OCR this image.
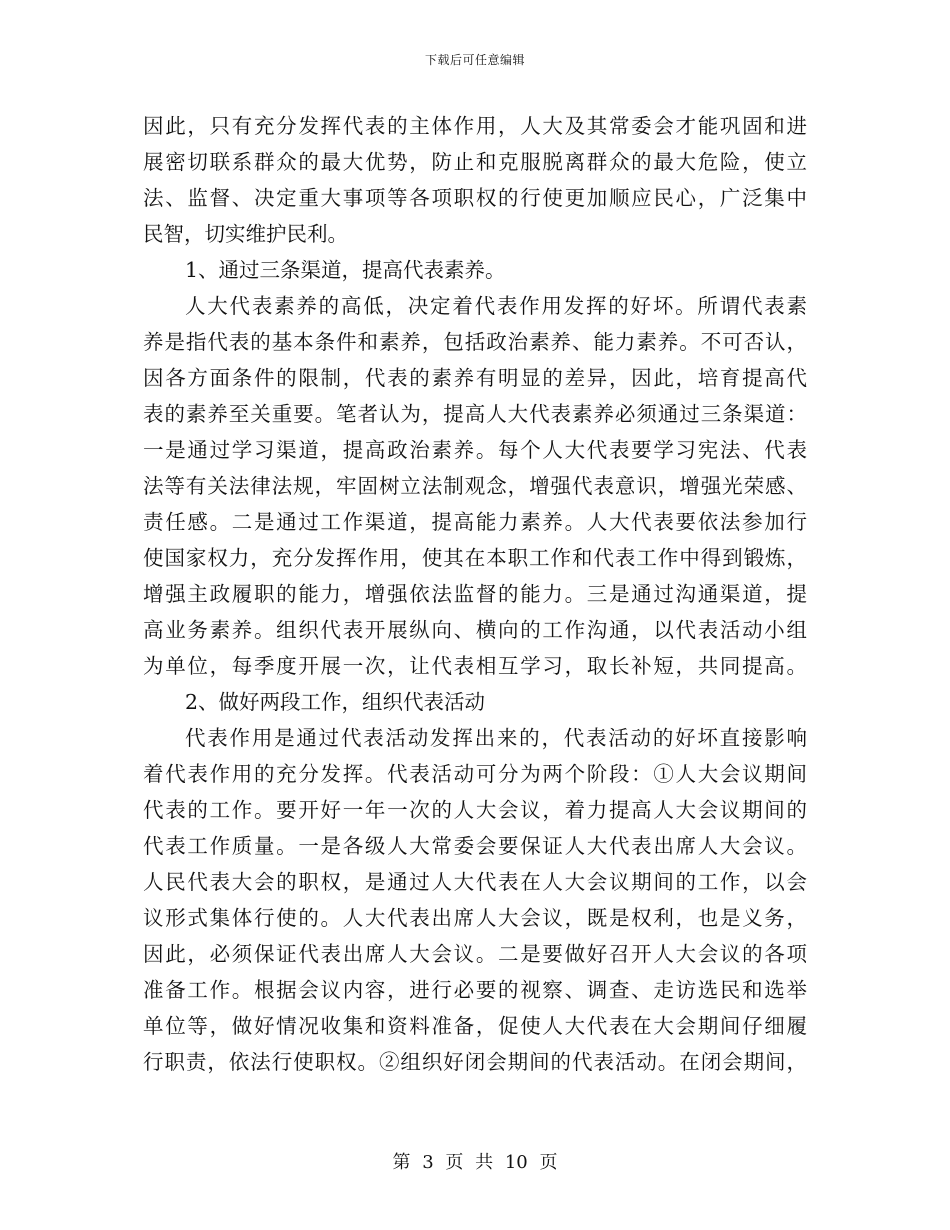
下载后可任意编辑
因此，只有充分发挥代表的主体作用，人大及其常委会才能巩固和进
展密切联系群众的最大优势，防止和克服脱离群众的最大危险，使立
法、监督、决定重大事项等各项职权的行使更加顺应民心，广泛集中
民智，切实维护民利。
1、通过三条渠道，提高代表素养。
人大代表素养的高低，决定着代表作用发挥的好坏。所谓代表素
养是指代表的基本条件和素养，包括政治素养、能力素养。不可否认，
因各方面条件的限制，代表的素养有明显的差异，因此，培育提高代
表的素养至关重要。笔者认为，提高人大代表素养必须通过三条渠道：
一是通过学习渠道，提高政治素养。每个人大代表要学习宪法、代表
法等有关法律法规，牢固树立法制观念，增强代表意识，增强光荣感、
责任感。二是通过工作渠道，提高能力素养。人大代表要依法参加行
使国家权力，充分发挥作用，使其在本职工作和代表工作中得到锻炼，
增强主政履职的能力，增强依法监督的能力。三是通过沟通渠道，提
高业务素养。组织代表开展纵向、横向的工作沟通，以代表活动小组
为单位，每季度开展一次，让代表相互学习，取长补短，共同提高。
2、做好两段工作，组织代表活动
代表作用是通过代表活动发挥出来的，代表活动的好坏直接影响
着代表作用的充分发挥。代表活动可分为两个阶段：①人大会议期间
代表的工作。要开好一年一次的人大会议，着力提高人大会议期间的
代表工作质量。一是各级人大常委会要保证人大代表出席人大会议。
人民代表大会的职权，是通过人大代表在人大会议期间的工作，以会
议形式集体行使的。人大代表出席人大会议，既是权利，也是义务，
因此，必须保证代表出席人大会议。二是要做好召开人大会议的各项
准备工作。根据会议内容，进行必要的视察、调查、走访选民和选举
单位等，做好情况收集和资料准备，促使人大代表在大会期间仔细履
行职责，依法行使职权。②组织好闭会期间的代表活动。在闭会期间，
第 3 页 共 10 页
